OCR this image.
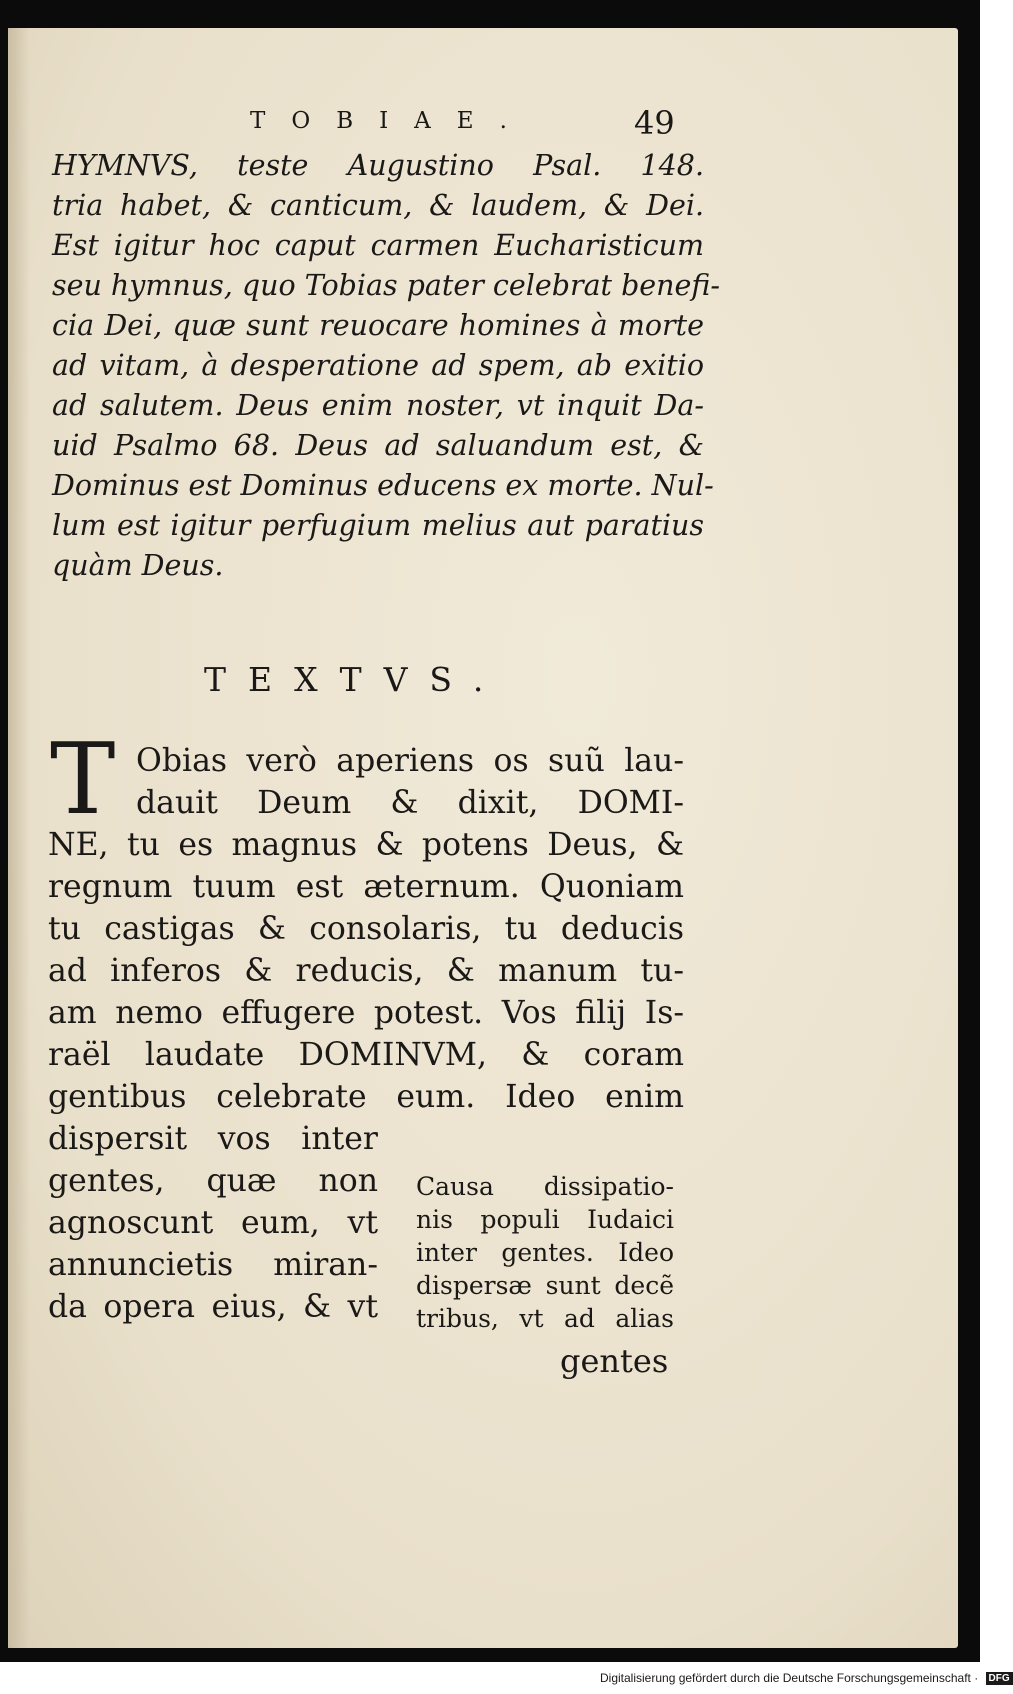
TOBIAE.	49
HYMNVS, teste Augustino Psal. 148.
tria habet, & canticum, & laudem, & Dei.
Est igitur hoc caput carmen Eucharisticum
seu hymnus, quo Tobias pater celebrat benefi-
cia Dei, quæ sunt reuocare homines à morte
ad vitam, à desperatione ad spem, ab exitio
ad salutem. Deus enim noster, vt inquit Da-
uid Psalmo 68. Deus ad saluandum est, &
Dominus est Dominus educens ex morte. Nul-
lum est igitur perfugium melius aut paratius
quàm Deus.
TEXTVS.
T Obias verò aperiens os suũ lau-
dauit Deum & dixit, DOMI-
NE, tu es magnus & potens Deus, &
regnum tuum est æternum. Quoniam
tu castigas & consolaris, tu deducis
ad inferos & reducis, & manum tu-
am nemo effugere potest. Vos filij Is-
raël laudate DOMINVM, & coram
gentibus celebrate eum. Ideo enim
dispersit vos inter
gentes, quæ non
agnoscunt eum, vt
annuncietis miran-
da opera eius, & vt
Causa dissipatio-
nis populi Iudaici
inter gentes. Ideo
dispersæ sunt decẽ
tribus, vt ad alias
gentes
Digitalisierung gefördert durch die Deutsche Forschungsgemeinschaft · DFG
